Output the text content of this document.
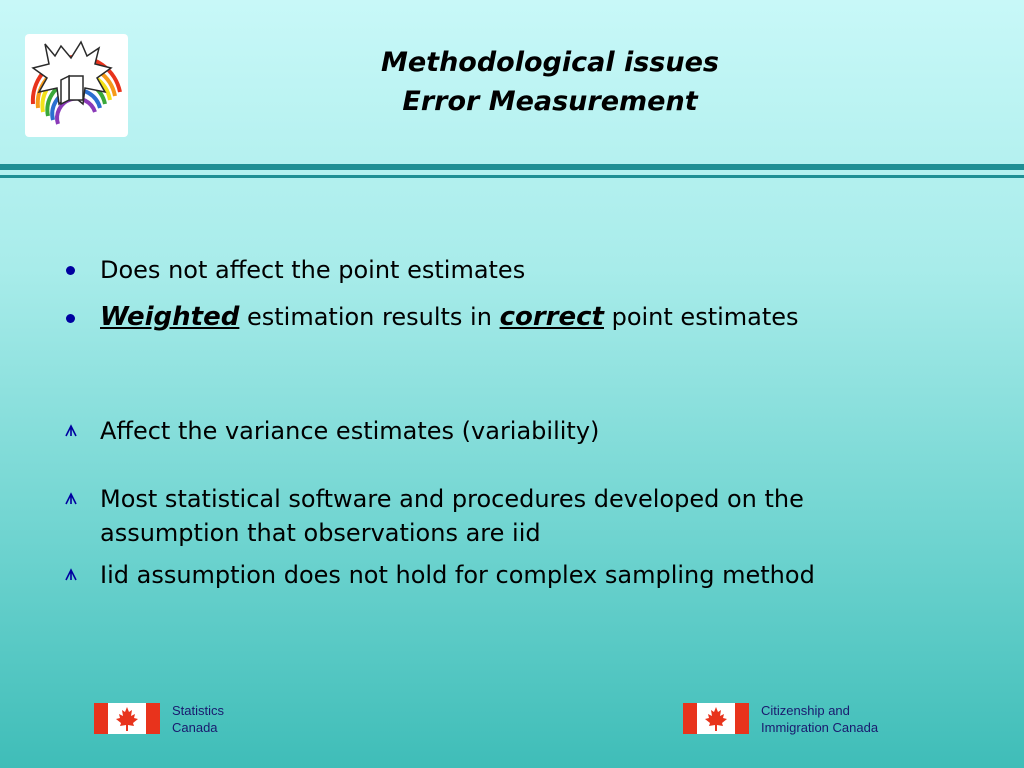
Methodological issues
Error Measurement
Does not affect the point estimates
Weighted estimation results in correct point estimates
Affect the variance estimates (variability)
Most statistical software and procedures developed on the
assumption that observations are iid
Iid assumption does not hold for complex sampling method
Statistics
Canada
Citizenship and
Immigration Canada
